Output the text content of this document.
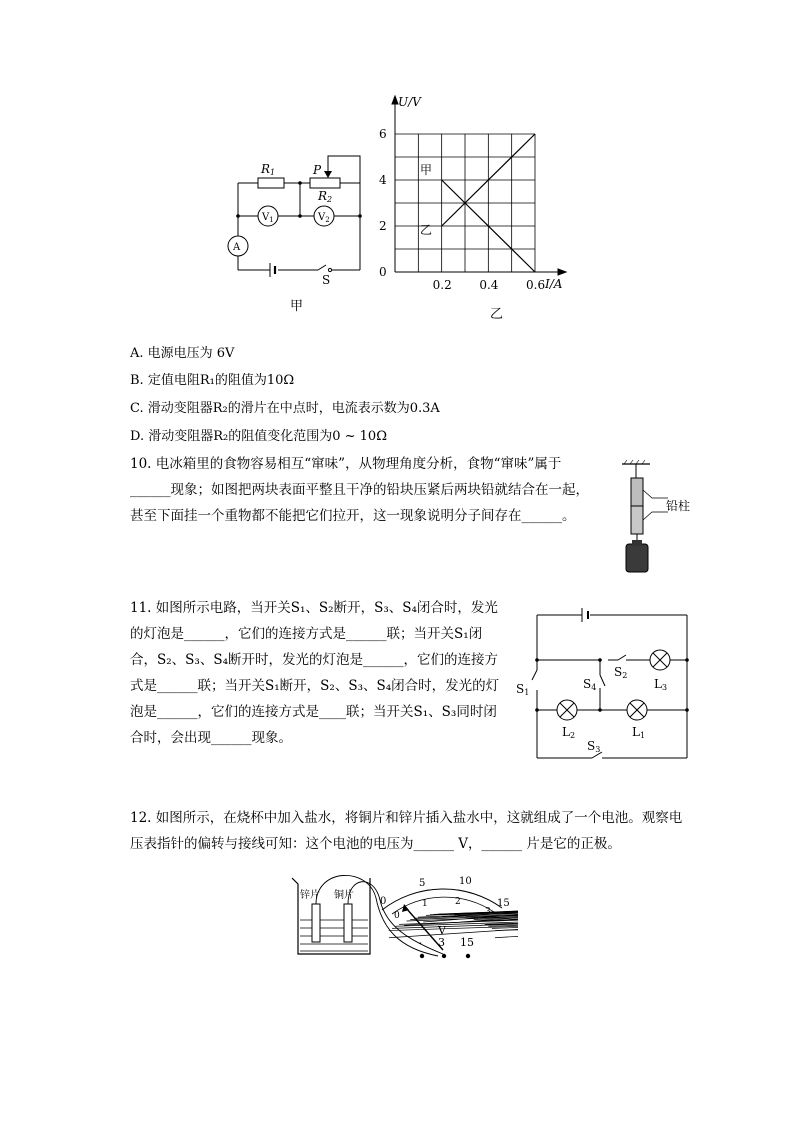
R1	P
R2
$V_1$	$V_2$
A
S
甲
6
4
2
0
0.2 0.4 0.6
U/V
I/A
甲
乙
乙
A. 电源电压为 6V
B. 定值电阻R₁的阻值为10Ω
C. 滑动变阻器R₂的滑片在中点时，电流表示数为0.3A
D. 滑动变阻器R₂的阻值变化范围为0 ~ 10Ω
10. 电冰箱里的食物容易相互“窜味”，从物理角度分析，食物“窜味”属于
______现象；如图把两块表面平整且干净的铅块压紧后两块铅就结合在一起，
甚至下面挂一个重物都不能把它们拉开，这一现象说明分子间存在______。
铅柱
11. 如图所示电路，当开关S₁、S₂断开，S₃、S₄闭合时，发光
的灯泡是______，它们的连接方式是______联；当开关S₁闭
合，S₂、S₃、S₄断开时，发光的灯泡是______，它们的连接方
式是______联；当开关S₁断开，S₂、S₃、S₄闭合时，发光的灯
泡是______，它们的连接方式是____联；当开关S₁、S₃同时闭
合时，会出现______现象。
S1
S2
S4
S3
L3
L2	L1
12. 如图所示，在烧杯中加入盐水，将铜片和锌片插入盐水中，这就组成了一个电池。观察电
压表指针的偏转与接线可知：这个电池的电压为______ V，______ 片是它的正极。
锌片 铜片
0
5	10
15
0
1	2
3
V
- 3 15
